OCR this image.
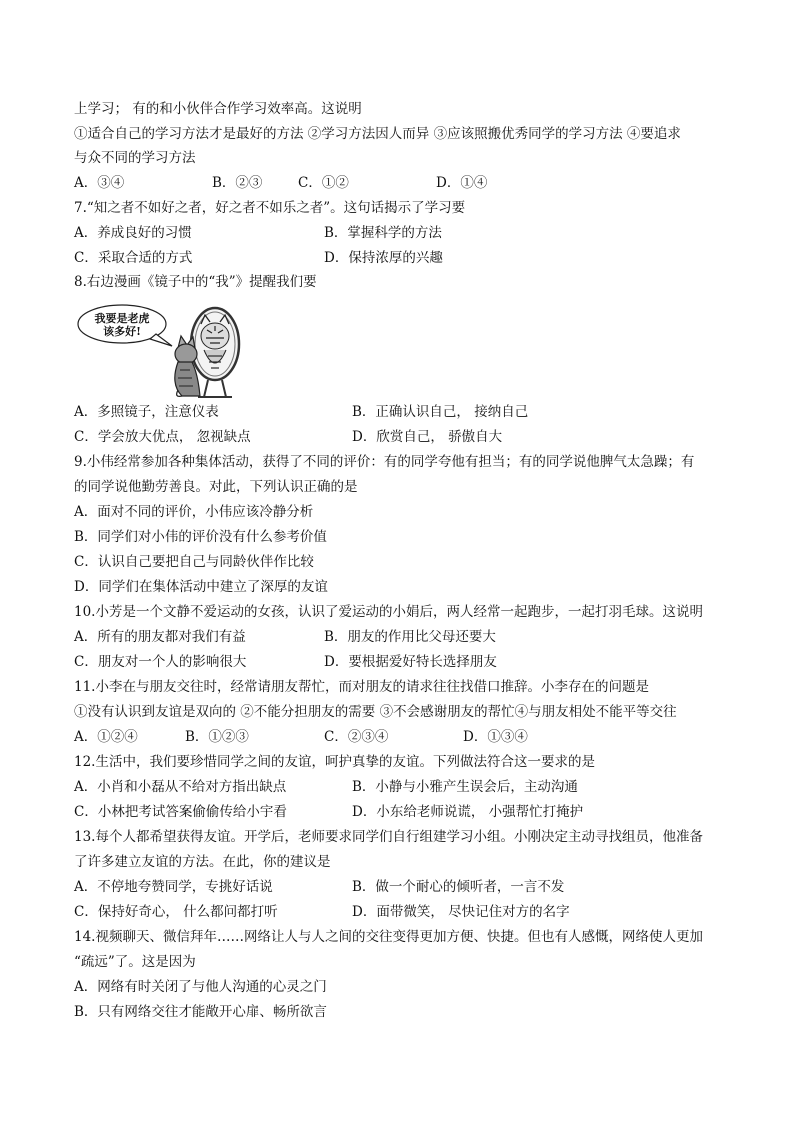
上学习； 有的和小伙伴合作学习效率高。这说明
①适合自己的学习方法才是最好的方法 ②学习方法因人而异 ③应该照搬优秀同学的学习方法 ④要追求
与众不同的学习方法
A．③④	B．②③	C．①②	D．①④
7.“知之者不如好之者，好之者不如乐之者”。这句话揭示了学习要
A．养成良好的习惯	B．掌握科学的方法
C．采取合适的方式	D．保持浓厚的兴趣
8.右边漫画《镜子中的“我”》提醒我们要
我要是老虎该多好!
A．多照镜子，注意仪表	B．正确认识自己， 接纳自己
C．学会放大优点， 忽视缺点	D．欣赏自己， 骄傲自大
9.小伟经常参加各种集体活动，获得了不同的评价：有的同学夸他有担当；有的同学说他脾气太急躁；有
的同学说他勤劳善良。对此，下列认识正确的是
A．面对不同的评价，小伟应该冷静分析
B．同学们对小伟的评价没有什么参考价值
C．认识自己要把自己与同龄伙伴作比较
D．同学们在集体活动中建立了深厚的友谊
10.小芳是一个文静不爱运动的女孩，认识了爱运动的小娟后，两人经常一起跑步，一起打羽毛球。这说明
A．所有的朋友都对我们有益	B．朋友的作用比父母还要大
C．朋友对一个人的影响很大	D．要根据爱好特长选择朋友
11.小李在与朋友交往时，经常请朋友帮忙，而对朋友的请求往往找借口推辞。小李存在的问题是
①没有认识到友谊是双向的 ②不能分担朋友的需要 ③不会感谢朋友的帮忙④与朋友相处不能平等交往
A．①②④	B．①②③	C．②③④	D．①③④
12.生活中，我们要珍惜同学之间的友谊，呵护真挚的友谊。下列做法符合这一要求的是
A．小肖和小磊从不给对方指出缺点	B．小静与小雅产生误会后，主动沟通
C．小林把考试答案偷偷传给小宇看	D．小东给老师说谎， 小强帮忙打掩护
13.每个人都希望获得友谊。开学后，老师要求同学们自行组建学习小组。小刚决定主动寻找组员，他准备
了许多建立友谊的方法。在此，你的建议是
A．不停地夸赞同学，专挑好话说	B．做一个耐心的倾听者，一言不发
C．保持好奇心， 什么都问都打听	D．面带微笑， 尽快记住对方的名字
14.视频聊天、微信拜年……网络让人与人之间的交往变得更加方便、快捷。但也有人感慨，网络使人更加
“疏远”了。这是因为
A．网络有时关闭了与他人沟通的心灵之门
B．只有网络交往才能敞开心扉、畅所欲言
